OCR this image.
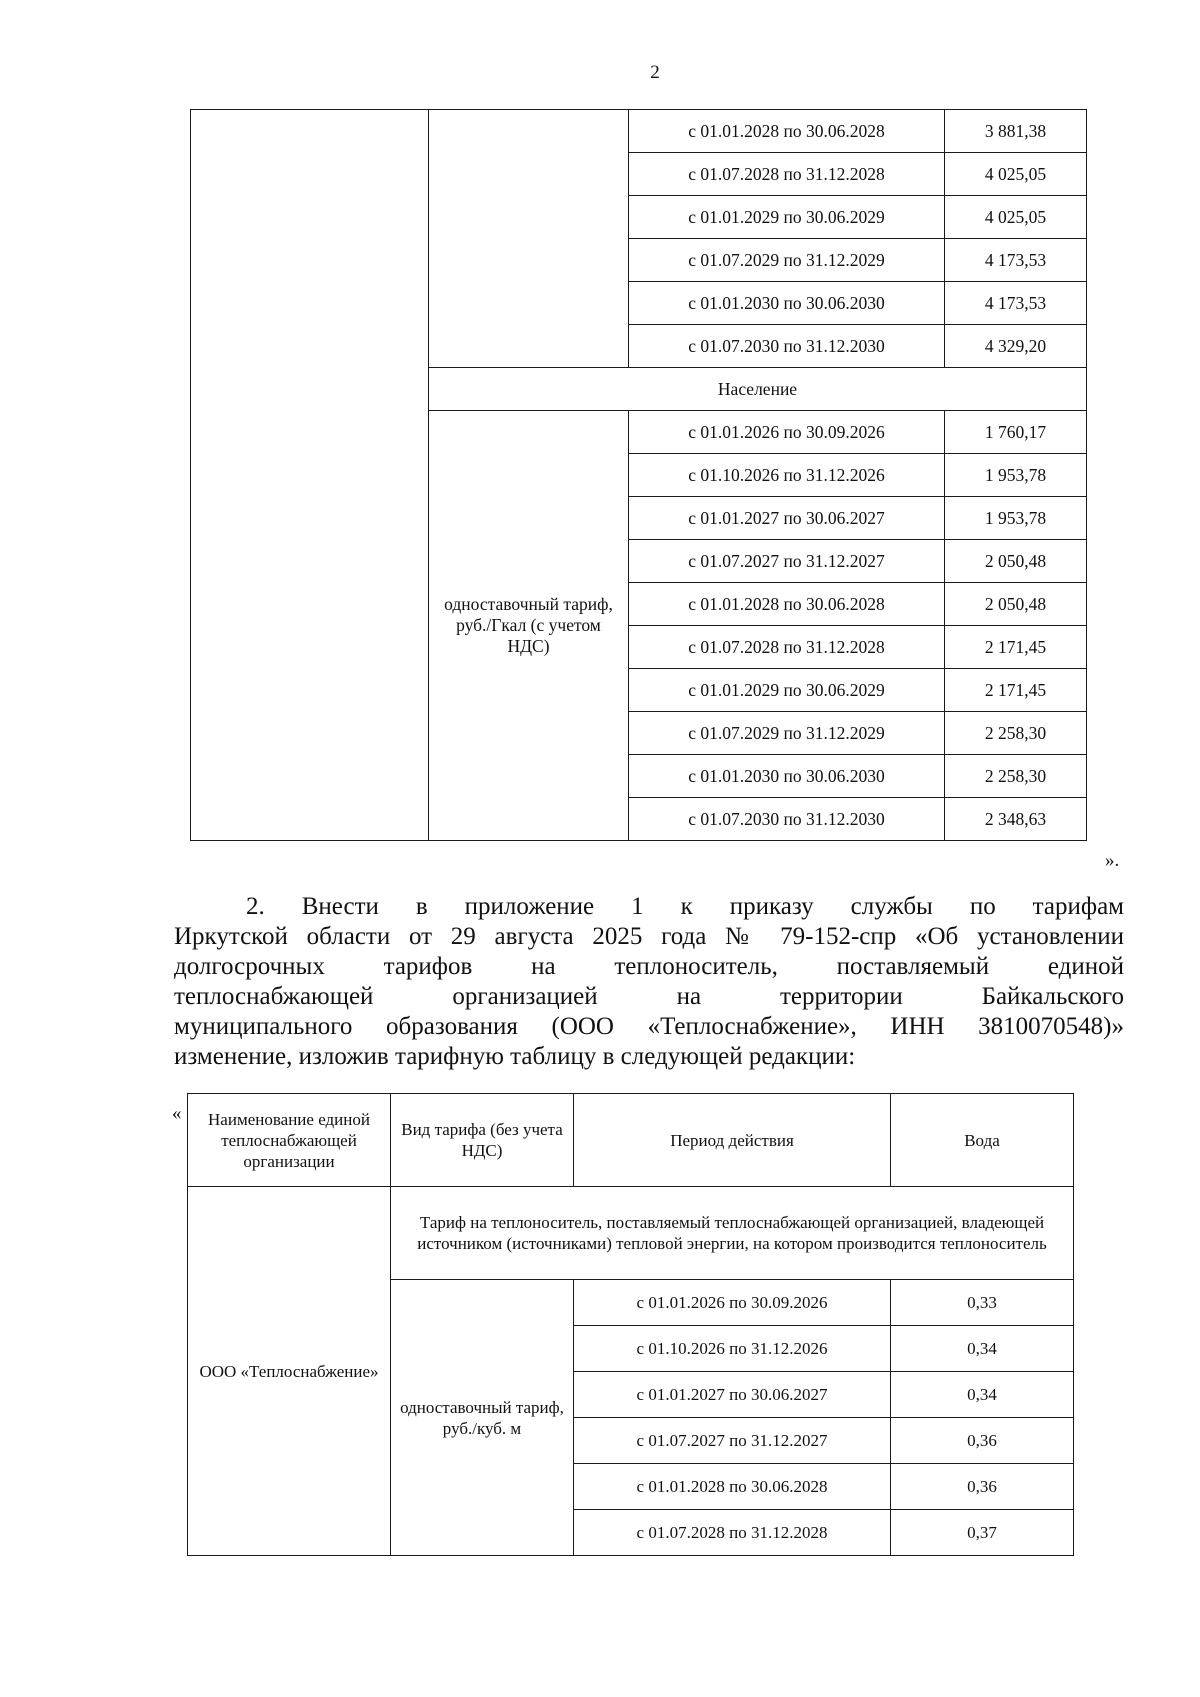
2
		с 01.01.2028 по 30.06.2028	3 881,38
		с 01.07.2028 по 31.12.2028	4 025,05
		с 01.01.2029 по 30.06.2029	4 025,05
		с 01.07.2029 по 31.12.2029	4 173,53
		с 01.01.2030 по 30.06.2030	4 173,53
		с 01.07.2030 по 31.12.2030	4 329,20
	Население		
	одноставочный тариф, руб./Гкал (с учетом НДС)	с 01.01.2026 по 30.09.2026	1 760,17
		с 01.10.2026 по 31.12.2026	1 953,78
		с 01.01.2027 по 30.06.2027	1 953,78
		с 01.07.2027 по 31.12.2027	2 050,48
		с 01.01.2028 по 30.06.2028	2 050,48
		с 01.07.2028 по 31.12.2028	2 171,45
		с 01.01.2029 по 30.06.2029	2 171,45
		с 01.07.2029 по 31.12.2029	2 258,30
		с 01.01.2030 по 30.06.2030	2 258,30
		с 01.07.2030 по 31.12.2030	2 348,63
».
2. Внести в приложение 1 к приказу службы по тарифам
Иркутской области от 29 августа 2025 года № 79-152-спр «Об установлении
долгосрочных тарифов на теплоноситель, поставляемый единой
теплоснабжающей организацией на территории Байкальского
муниципального образования (ООО «Теплоснабжение», ИНН 3810070548)»
изменение, изложив тарифную таблицу в следующей редакции:
« Наименование единой теплоснабжающей организации	Вид тарифа (без учета НДС)	Период действия	Вода
ООО «Теплоснабжение»	Тариф на теплоноситель, поставляемый теплоснабжающей организацией, владеющей источником (источниками) тепловой энергии, на котором производится теплоноситель		
	одноставочный тариф, руб./куб. м	с 01.01.2026 по 30.09.2026	0,33
		с 01.10.2026 по 31.12.2026	0,34
		с 01.01.2027 по 30.06.2027	0,34
		с 01.07.2027 по 31.12.2027	0,36
		с 01.01.2028 по 30.06.2028	0,36
		с 01.07.2028 по 31.12.2028	0,37
